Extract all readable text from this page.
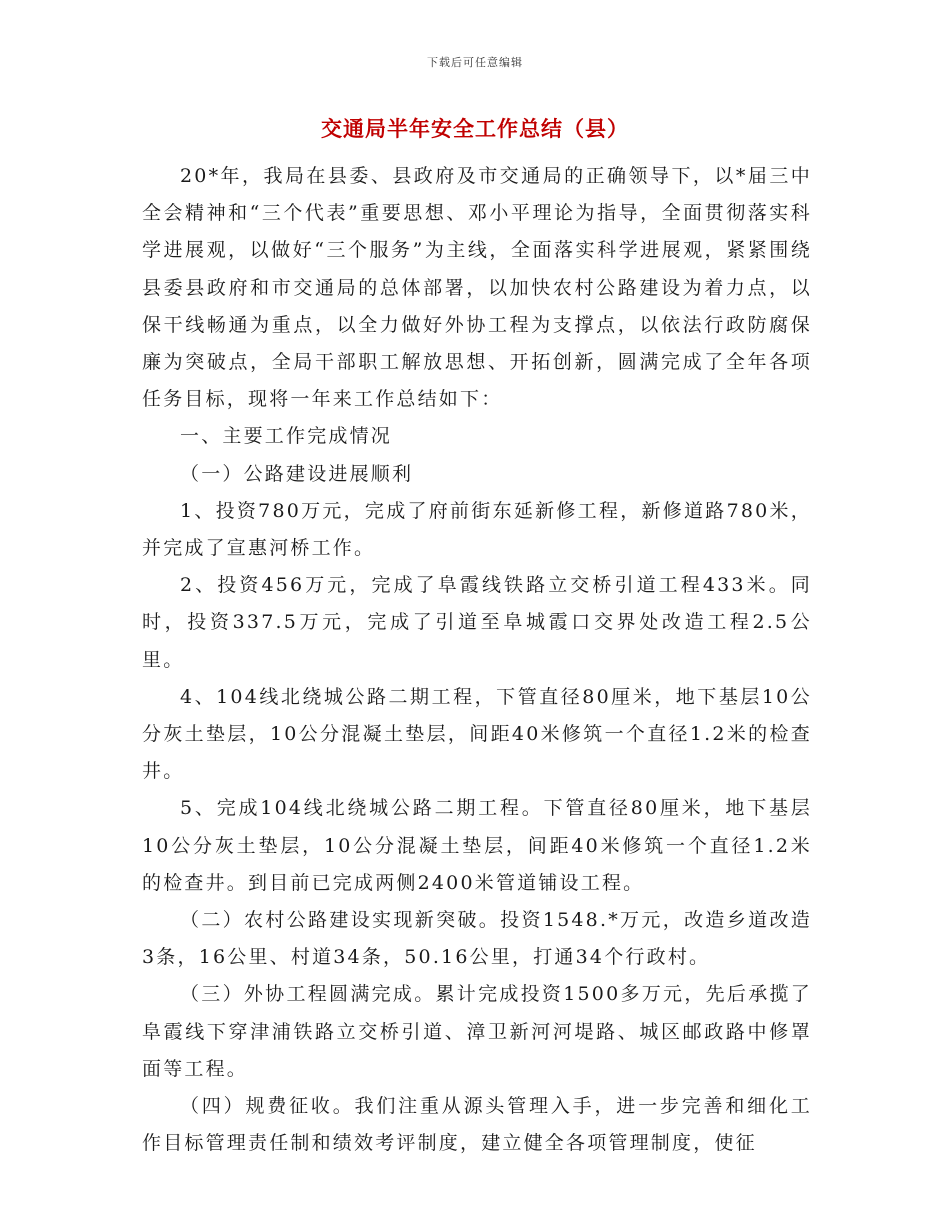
下载后可任意编辑
交通局半年安全工作总结（县）

20*年，我局在县委、县政府及市交通局的正确领导下，以*届三中全会精神和“三个代表”重要思想、邓小平理论为指导，全面贯彻落实科学进展观，以做好“三个服务”为主线，全面落实科学进展观，紧紧围绕县委县政府和市交通局的总体部署，以加快农村公路建设为着力点，以保干线畅通为重点，以全力做好外协工程为支撑点，以依法行政防腐保廉为突破点，全局干部职工解放思想、开拓创新，圆满完成了全年各项任务目标，现将一年来工作总结如下：

一、主要工作完成情况

（一）公路建设进展顺利

1、投资780万元，完成了府前街东延新修工程，新修道路780米，并完成了宣惠河桥工作。

2、投资456万元，完成了阜霞线铁路立交桥引道工程433米。同时，投资337.5万元，完成了引道至阜城霞口交界处改造工程2.5公里。

4、104线北绕城公路二期工程，下管直径80厘米，地下基层10公分灰土垫层，10公分混凝土垫层，间距40米修筑一个直径1.2米的检查井。

5、完成104线北绕城公路二期工程。下管直径80厘米，地下基层10公分灰土垫层，10公分混凝土垫层，间距40米修筑一个直径1.2米的检查井。到目前已完成两侧2400米管道铺设工程。

（二）农村公路建设实现新突破。投资1548.*万元，改造乡道改造3条，16公里、村道34条，50.16公里，打通34个行政村。

（三）外协工程圆满完成。累计完成投资1500多万元，先后承揽了阜霞线下穿津浦铁路立交桥引道、漳卫新河河堤路、城区邮政路中修罩面等工程。

（四）规费征收。我们注重从源头管理入手，进一步完善和细化工作目标管理责任制和绩效考评制度，建立健全各项管理制度，使征
